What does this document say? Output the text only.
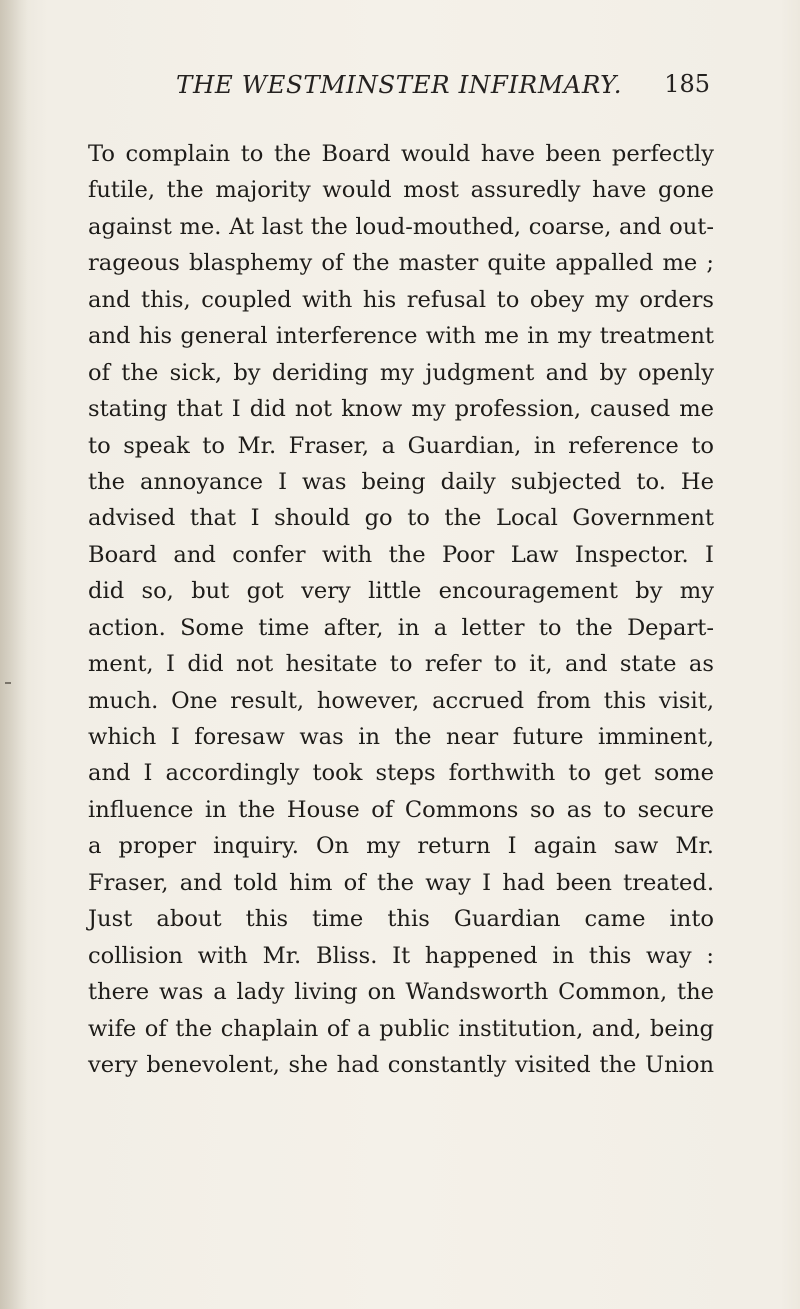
THE WESTMINSTER INFIRMARY. 185
To complain to the Board would have been perfectly
futile, the majority would most assuredly have gone
against me. At last the loud-mouthed, coarse, and out-
rageous blasphemy of the master quite appalled me ;
and this, coupled with his refusal to obey my orders
and his general interference with me in my treatment
of the sick, by deriding my judgment and by openly
stating that I did not know my profession, caused me
to speak to Mr. Fraser, a Guardian, in reference to
the annoyance I was being daily subjected to. He
advised that I should go to the Local Government
Board and confer with the Poor Law Inspector. I
did so, but got very little encouragement by my
action. Some time after, in a letter to the Depart-
ment, I did not hesitate to refer to it, and state as
much. One result, however, accrued from this visit,
which I foresaw was in the near future imminent,
and I accordingly took steps forthwith to get some
influence in the House of Commons so as to secure
a proper inquiry. On my return I again saw Mr.
Fraser, and told him of the way I had been treated.
Just about this time this Guardian came into
collision with Mr. Bliss. It happened in this way :
there was a lady living on Wandsworth Common, the
wife of the chaplain of a public institution, and, being
very benevolent, she had constantly visited the Union
